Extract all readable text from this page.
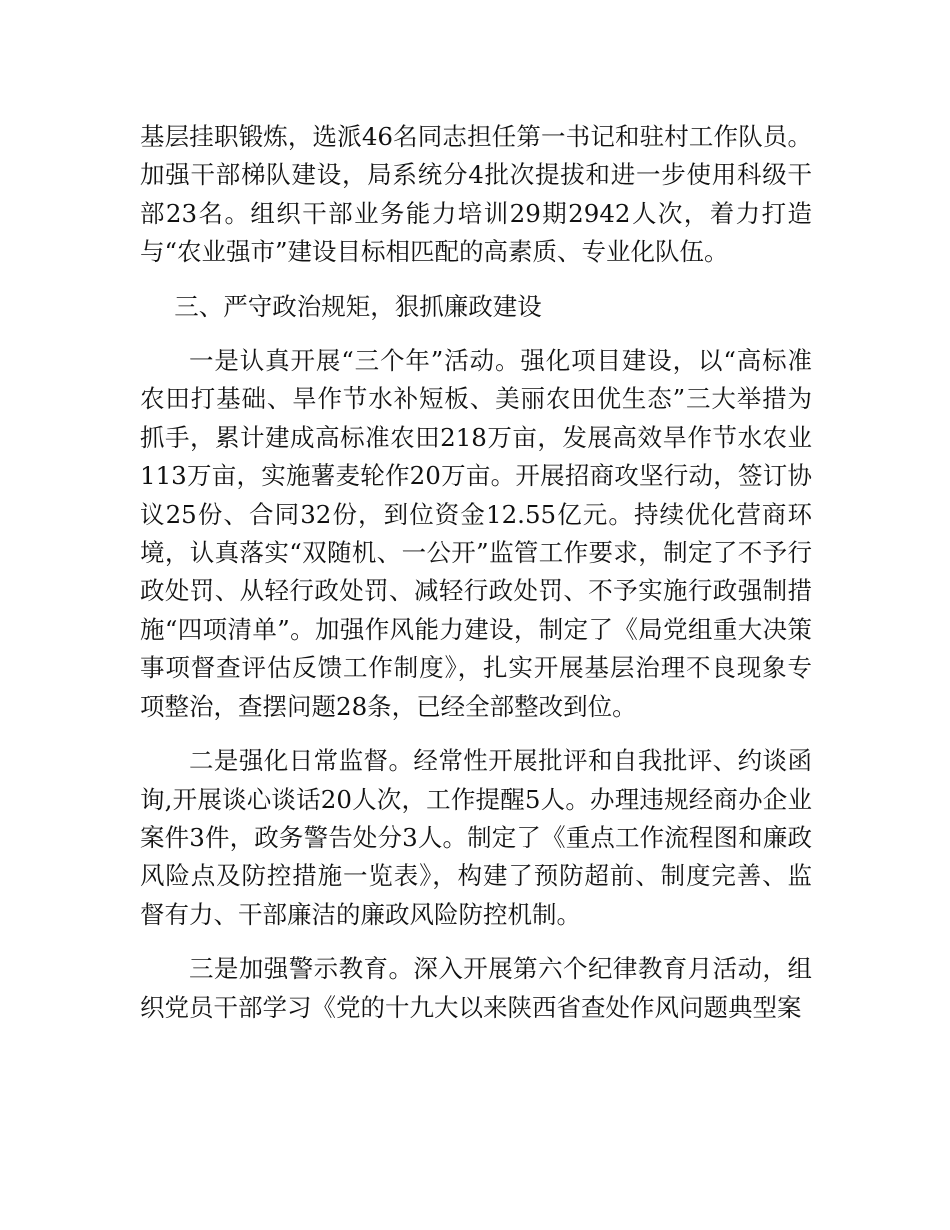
基层挂职锻炼，选派46名同志担任第一书记和驻村工作队员。加强干部梯队建设，局系统分4批次提拔和进一步使用科级干部23名。组织干部业务能力培训29期2942人次，着力打造与“农业强市”建设目标相匹配的高素质、专业化队伍。

三、严守政治规矩，狠抓廉政建设

一是认真开展“三个年”活动。强化项目建设，以“高标准农田打基础、旱作节水补短板、美丽农田优生态”三大举措为抓手，累计建成高标准农田218万亩，发展高效旱作节水农业113万亩，实施薯麦轮作20万亩。开展招商攻坚行动，签订协议25份、合同32份，到位资金12.55亿元。持续优化营商环境，认真落实“双随机、一公开”监管工作要求，制定了不予行政处罚、从轻行政处罚、减轻行政处罚、不予实施行政强制措施“四项清单”。加强作风能力建设，制定了《局党组重大决策事项督查评估反馈工作制度》，扎实开展基层治理不良现象专项整治，查摆问题28条，已经全部整改到位。

二是强化日常监督。经常性开展批评和自我批评、约谈函询,开展谈心谈话20人次，工作提醒5人。办理违规经商办企业案件3件，政务警告处分3人。制定了《重点工作流程图和廉政风险点及防控措施一览表》，构建了预防超前、制度完善、监督有力、干部廉洁的廉政风险防控机制。

三是加强警示教育。深入开展第六个纪律教育月活动，组织党员干部学习《党的十九大以来陕西省查处作风问题典型案
